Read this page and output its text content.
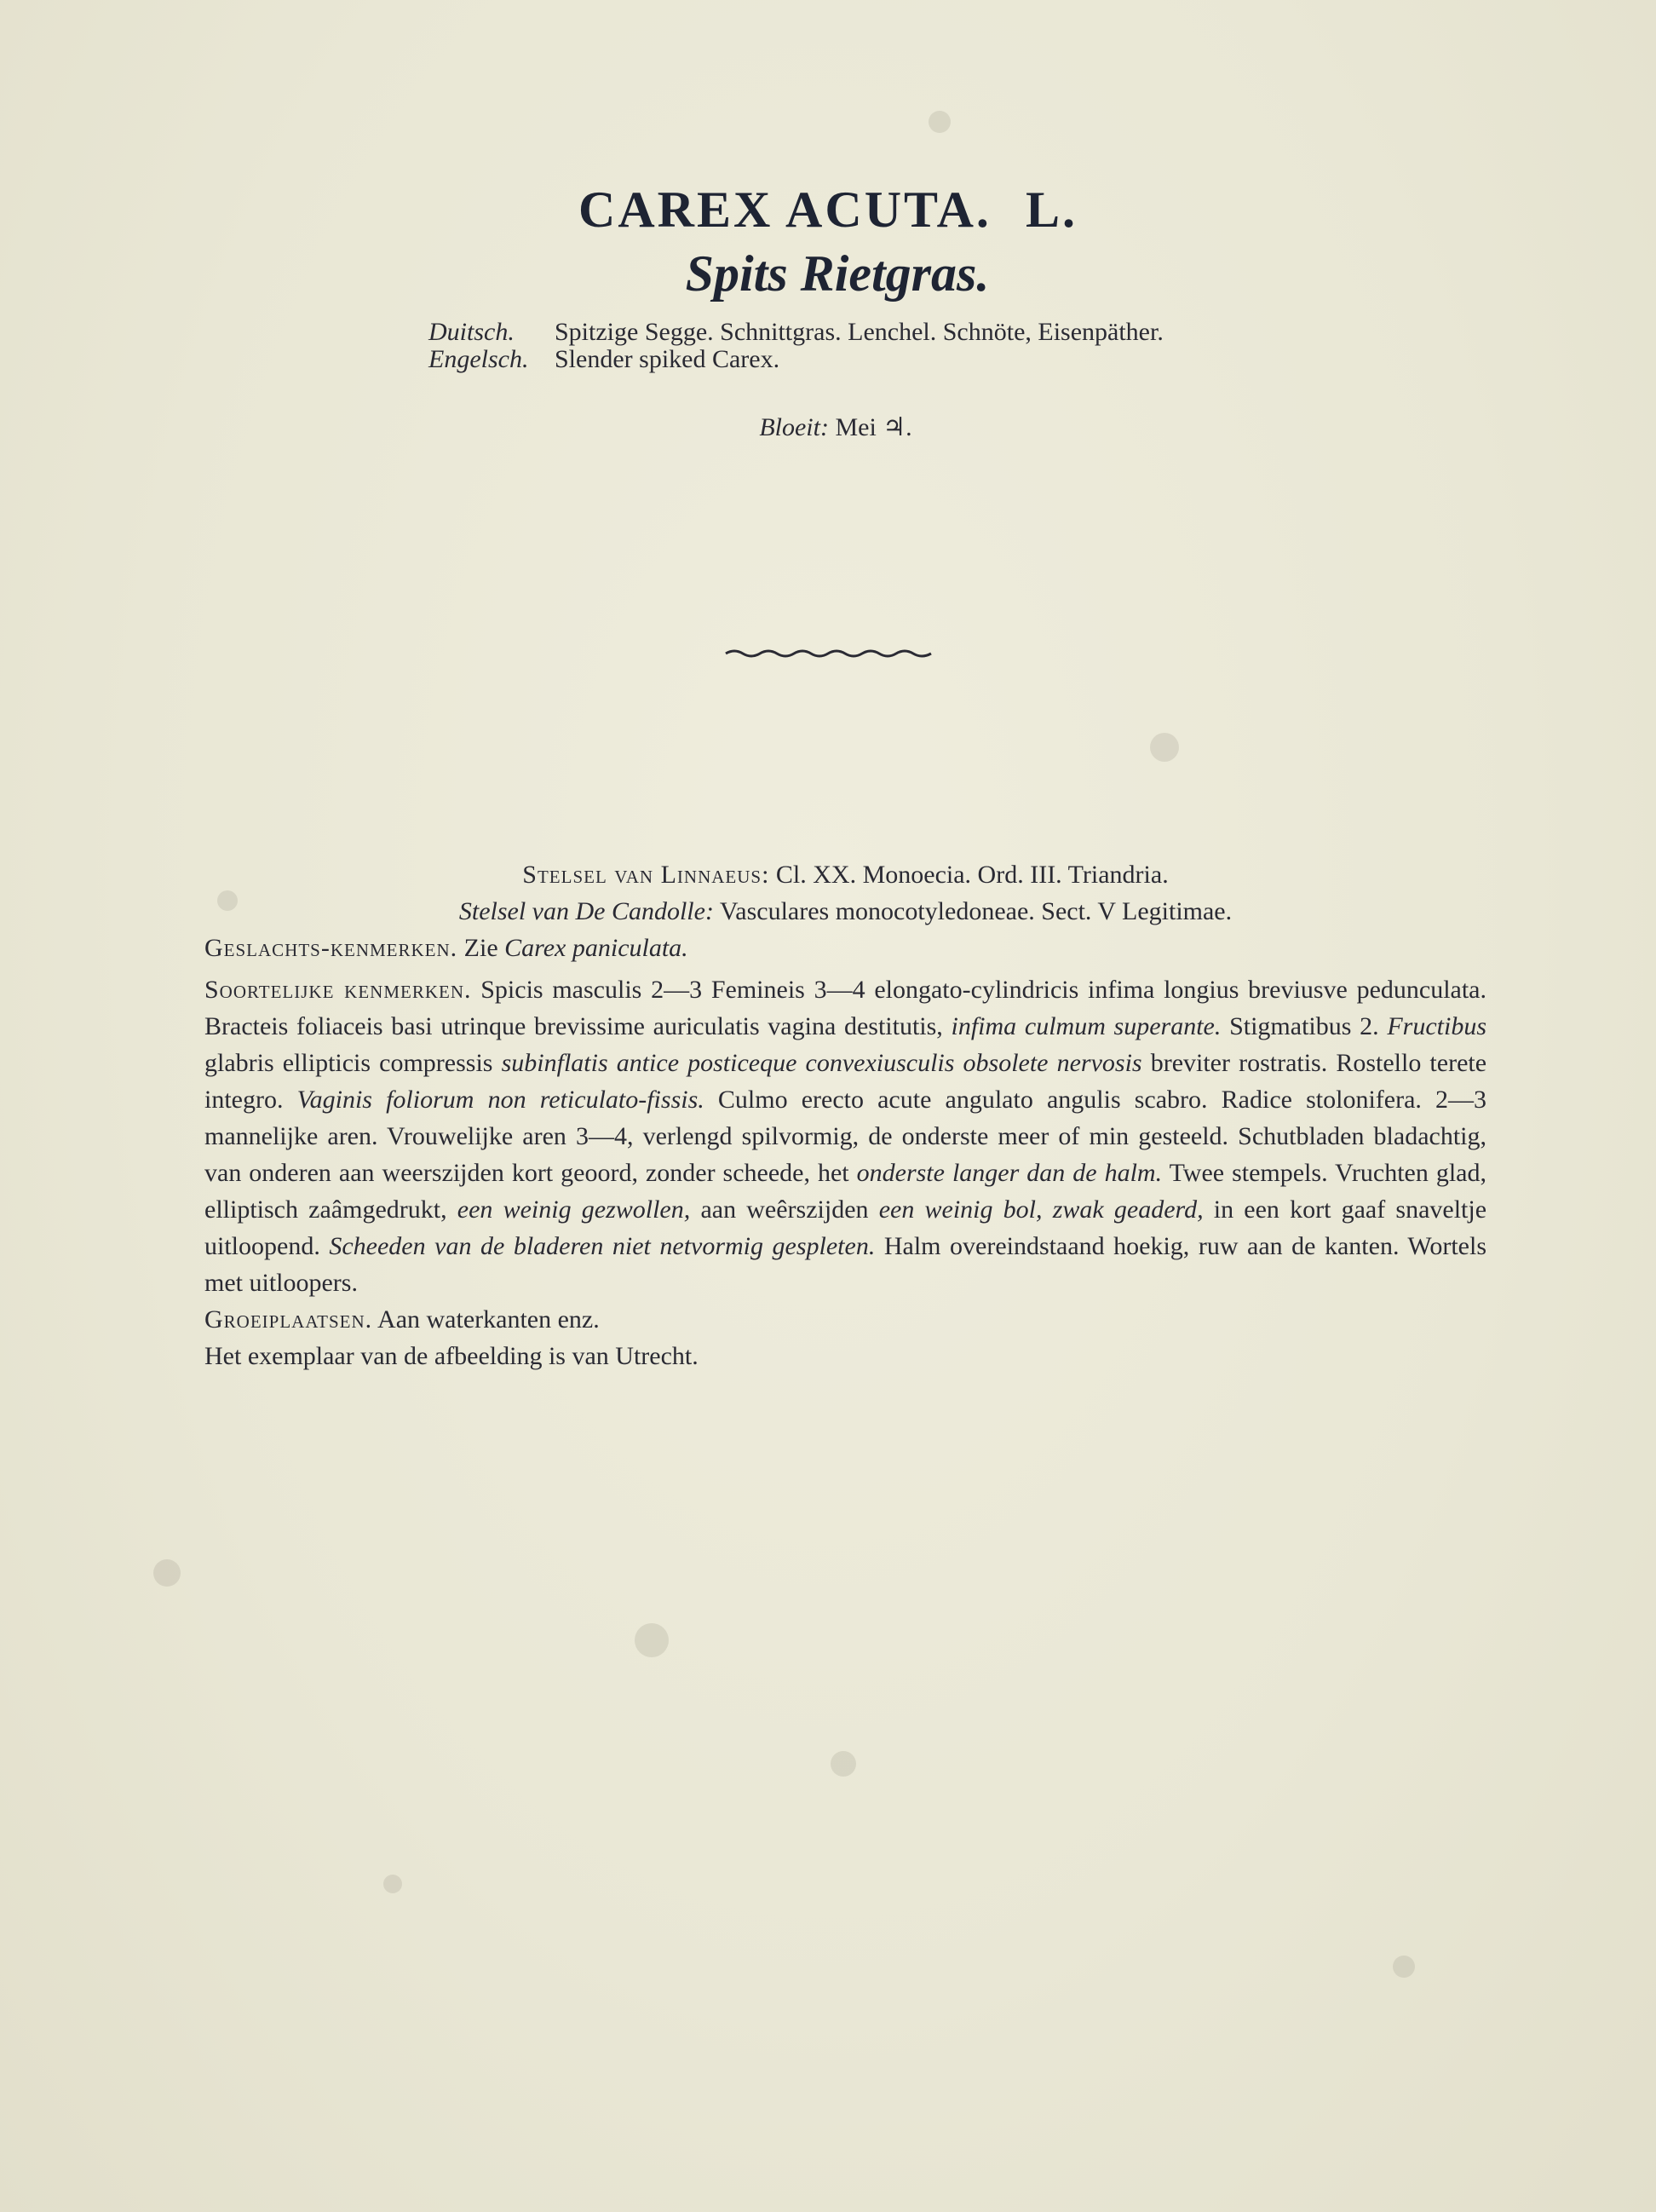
CAREX ACUTA. L.
Spits Rietgras.
Duitsch. Spitzige Segge. Schnittgras. Lenchel. Schnöte, Eisenpäther.
Engelsch. Slender spiked Carex.
Bloeit: Mei ♃.
Stelsel van Linnaeus: Cl. XX. Monoecia. Ord. III. Triandria.
Stelsel van De Candolle: Vasculares monocotyledoneae. Sect. V Legitimae.
Geslachts-kenmerken. Zie Carex paniculata.
Soortelijke kenmerken. Spicis masculis 2—3 Femineis 3—4 elongato-cylindricis infima longius breviusve pedunculata. Bracteis foliaceis basi utrinque brevissime auriculatis vagina destitutis, infima culmum superante. Stigmatibus 2. Fructibus glabris ellipticis compressis subinflatis antice posticeque convexiusculis obsolete nervosis breviter rostratis. Rostello terete integro. Vaginis foliorum non reticulato-fissis. Culmo erecto acute angulato angulis scabro. Radice stolonifera. 2—3 mannelijke aren. Vrouwelijke aren 3—4, verlengd spilvormig, de onderste meer of min gesteeld. Schutbladen bladachtig, van onderen aan weerszijden kort geoord, zonder scheede, het onderste langer dan de halm. Twee stempels. Vruchten glad, elliptisch zaâmgedrukt, een weinig gezwollen, aan weêrszijden een weinig bol, zwak geaderd, in een kort gaaf snaveltje uitloopend. Scheeden van de bladeren niet netvormig gespleten. Halm overeindstaand hoekig, ruw aan de kanten. Wortels met uitloopers.
Groeiplaatsen. Aan waterkanten enz.
Het exemplaar van de afbeelding is van Utrecht.
